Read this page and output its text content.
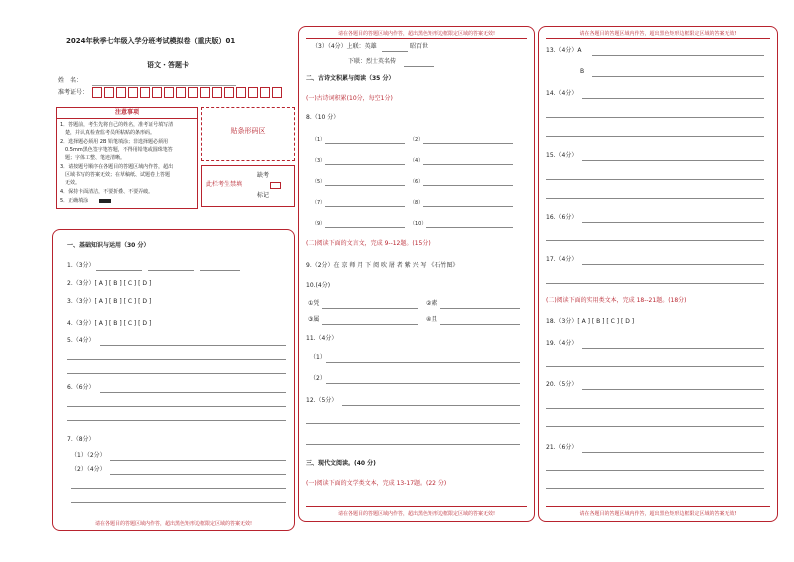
2024年秋季七年级入学分班考试模拟卷（重庆版）01
语文・答题卡
姓　名：
准考证号：
注意事项
1．答题前，考生先将自己的姓名，准考证号填写清
　楚，并认真检查监考员所粘贴的条形码。
2．选择题必须用 2B 铅笔填涂；非选择题必须用
　0.5mm黑色签字笔答题，不得用铅笔或圆珠笔答
　题；字体工整、笔迹清晰。
3．请按题号顺序在各题目的答题区域内作答，超出
　区域书写的答案无效；在草稿纸、试题卷上答题
　无效。
4．保持卡面清洁，不要折叠、不要弄破。
5．正确填涂
贴条形码区
此栏考生禁填
缺考
标记
一、基础知识与运用（30 分）
1.（3分）
2.（3分）[ A ] [ B ] [ C ] [ D ]
3.（3分）[ A ] [ B ] [ C ] [ D ]
4.（3分）[ A ] [ B ] [ C ] [ D ]
5.（4分）
6.（6分）
7.（8分）
（1）（2分）
（2）（4分）
请在各题目的答题区域内作答，超出黑色矩形边框限定区域的答案无效!
请在各题目的答题区域内作答，超出黑色矩形边框限定区域的答案无效!
（3）（4分）上联：英雄	昭百世
下联：烈士英名传
二、古诗文积累与阅读（35 分）
(一)古诗词积累(10分，每空1分)
8.（10 分）
（1）	（2）
（3）	（4）
（5）	（6）
（7）	（8）
（9）	（10）
(二)阅读下面的文言文，完成 9--12题。(15分)
9.（2分）在 京 师 月 下 阅 吹 屠 者 紫 兴 写 《石竹图》
10.(4分)
①凭	②素
③属	④且
11.（4分）
（1）
（2）
12.（5分）
三、现代文阅读。(40 分)
(一)阅读下面的文学类文本，完成 13-17题。(22 分)
请在各题目的答题区域内作答，超出黑色矩形边框限定区域的答案无效!
请在各题目的答题区域内作答，超出黑色矩形边框限定区域的答案无效!
13.（4分）A
B
14.（4分）
15.（4分）
16.（6分）
17.（4分）
(二)阅读下面的实用类文本，完成 18--21题。(18分)
18.（3分）[ A ] [ B ] [ C ] [ D ]
19.（4分）
20.（5分）
21.（6分）
请在各题目的答题区域内作答，超出黑色矩形边框限定区域的答案无效!
